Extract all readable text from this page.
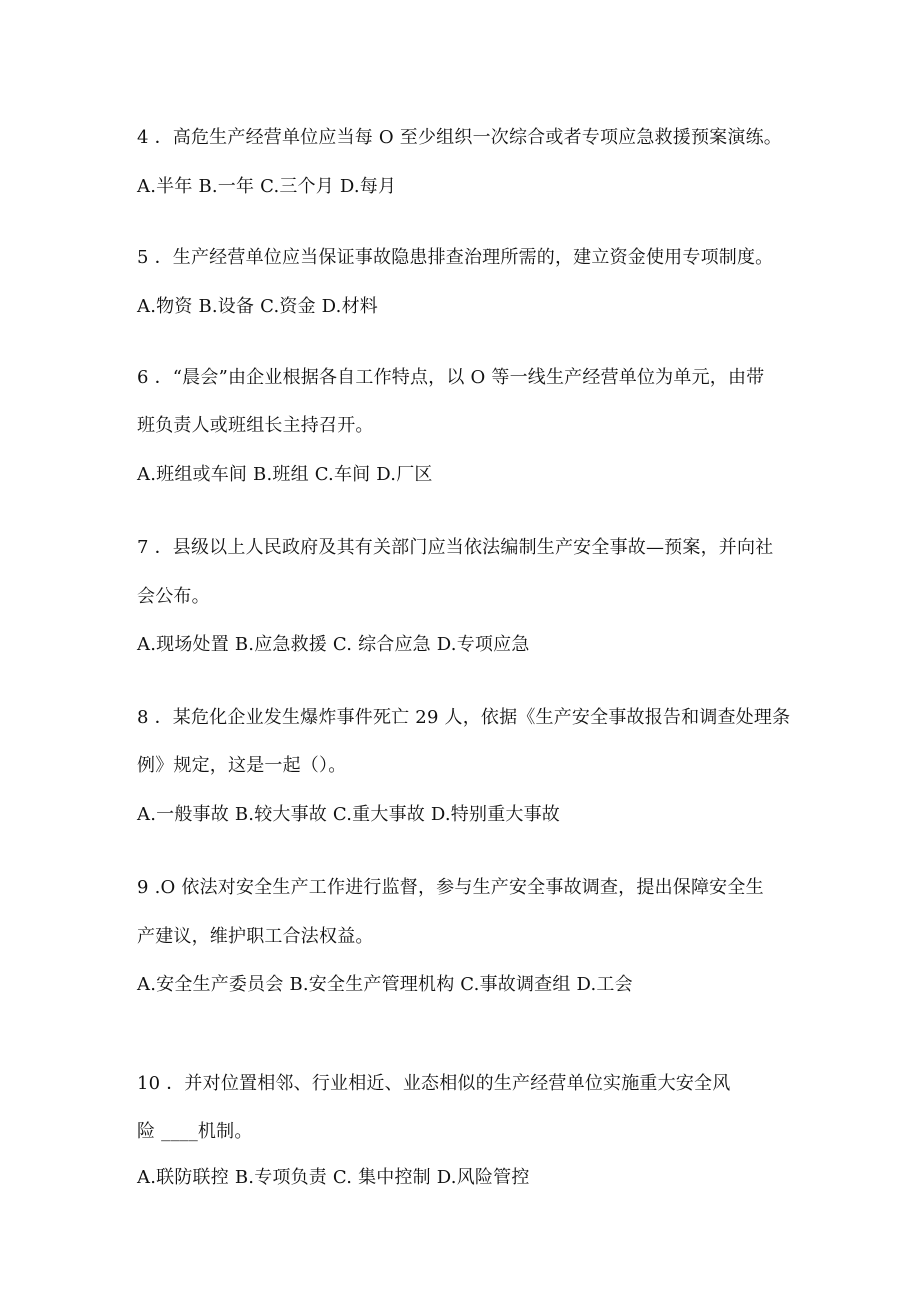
4 ．高危生产经营单位应当每 O 至少组织一次综合或者专项应急救援预案演练。
A.半年 B.一年 C.三个月 D.每月
5 ．生产经营单位应当保证事故隐患排查治理所需的，建立资金使用专项制度。
A.物资 B.设备 C.资金 D.材料
6 ．“晨会”由企业根据各自工作特点，以 O 等一线生产经营单位为单元，由带
班负责人或班组长主持召开。
A.班组或车间 B.班组 C.车间 D.厂区
7 ．县级以上人民政府及其有关部门应当依法编制生产安全事故—预案，并向社
会公布。
A.现场处置 B.应急救援 C. 综合应急 D.专项应急
8 ．某危化企业发生爆炸事件死亡 29 人，依据《生产安全事故报告和调查处理条
例》规定，这是一起（）。
A.一般事故 B.较大事故 C.重大事故 D.特别重大事故
9 .O 依法对安全生产工作进行监督，参与生产安全事故调查，提出保障安全生
产建议，维护职工合法权益。
A.安全生产委员会 B.安全生产管理机构 C.事故调查组 D.工会
10 ．并对位置相邻、行业相近、业态相似的生产经营单位实施重大安全风
险 ____机制。
A.联防联控 B.专项负责 C. 集中控制 D.风险管控
